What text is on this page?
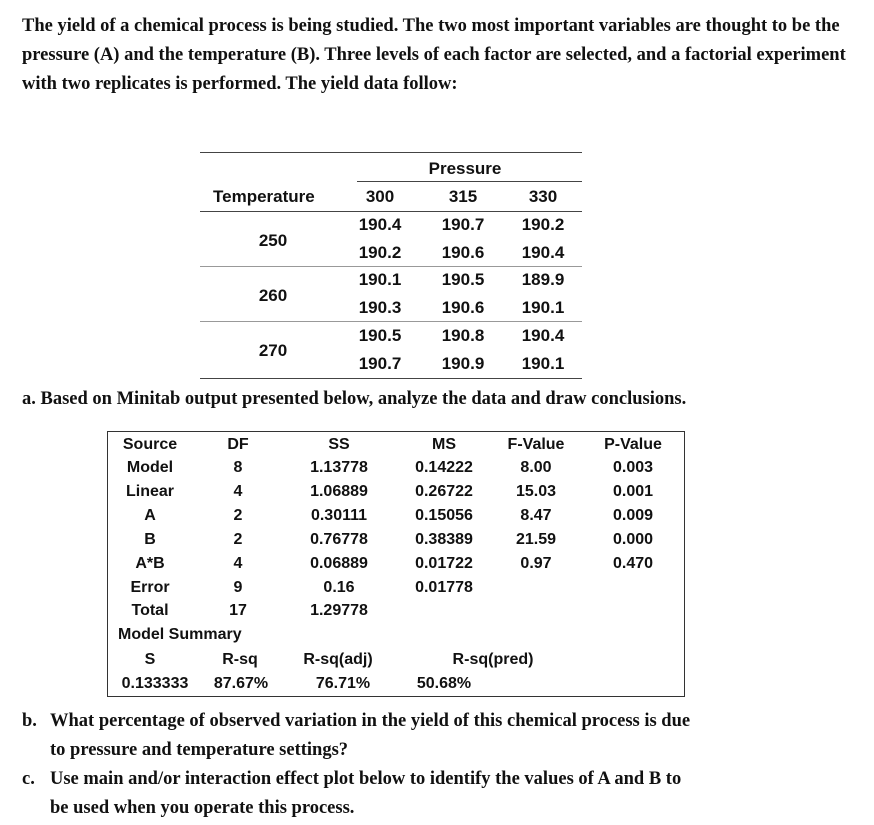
The yield of a chemical process is being studied. The two most important variables are thought to be the pressure (A) and the temperature (B). Three levels of each factor are selected, and a factorial experiment with two replicates is performed. The yield data follow:
Pressure
Temperature	300	315	330
250
190.4 190.7 190.2
190.2 190.6 190.4
260
190.1 190.5 189.9
190.3 190.6 190.1
270
190.5 190.8 190.4
190.7 190.9 190.1
a. Based on Minitab output presented below, analyze the data and draw conclusions.
Source	DF	SS	MS	F-Value P-Value
Model	8	1.13778	0.14222	8.00	0.003
Linear	4	1.06889	0.26722	15.03	0.001
A	2	0.30111	0.15056	8.47	0.009
B	2	0.76778	0.38389	21.59	0.000
A*B	4	0.06889	0.01722	0.97	0.470
Error	9	0.16	0.01778
Total	17	1.29778
Model Summary
S	R-sq	R-sq(adj)	R-sq(pred)
0.133333 87.67%	76.71%	50.68%
b. What percentage of observed variation in the yield of this chemical process is due
to pressure and temperature settings?
c. Use main and/or interaction effect plot below to identify the values of A and B to
be used when you operate this process.
